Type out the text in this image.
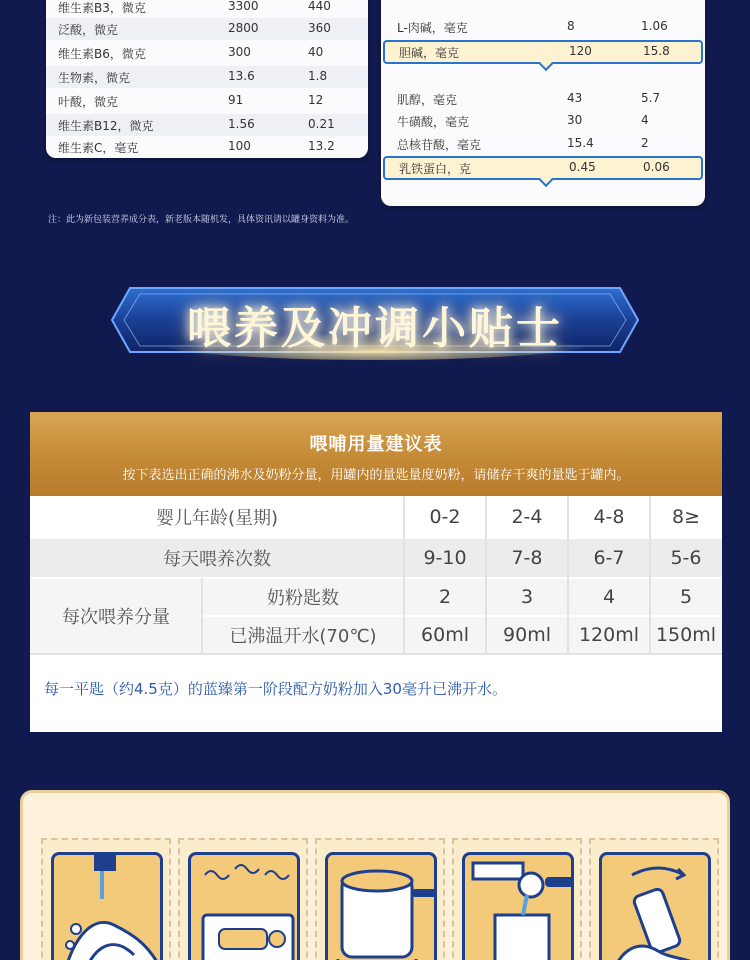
维生素B3，微克	3300	440
泛酸，微克	2800	360
维生素B6，微克	300	40
生物素，微克	13.6	1.8
叶酸，微克	91	12
维生素B12，微克	1.56	0.21
维生素C，毫克	100	13.2
L-肉碱，毫克	8	1.06
胆碱，毫克	120	15.8
肌醇，毫克	43	5.7
牛磺酸，毫克	30	4
总核苷酸，毫克	15.4	2
乳铁蛋白，克	0.45	0.06
注：此为新包装营养成分表，新老版本随机发，具体资讯请以罐身资料为准。
喂养及冲调小贴士
喂哺用量建议表
按下表选出正确的沸水及奶粉分量，用罐内的量匙量度奶粉，请储存干爽的量匙于罐内。
婴儿年龄(星期)	0-2	2-4	4-8	8≥
每天喂养次数	9-10	7-8	6-7	5-6
每次喂养分量
奶粉匙数	2	3	4	5
已沸温开水(70℃)	60ml	90ml	120ml 150ml
每一平匙（约4.5克）的蓝臻第一阶段配方奶粉加入30毫升已沸开水。
